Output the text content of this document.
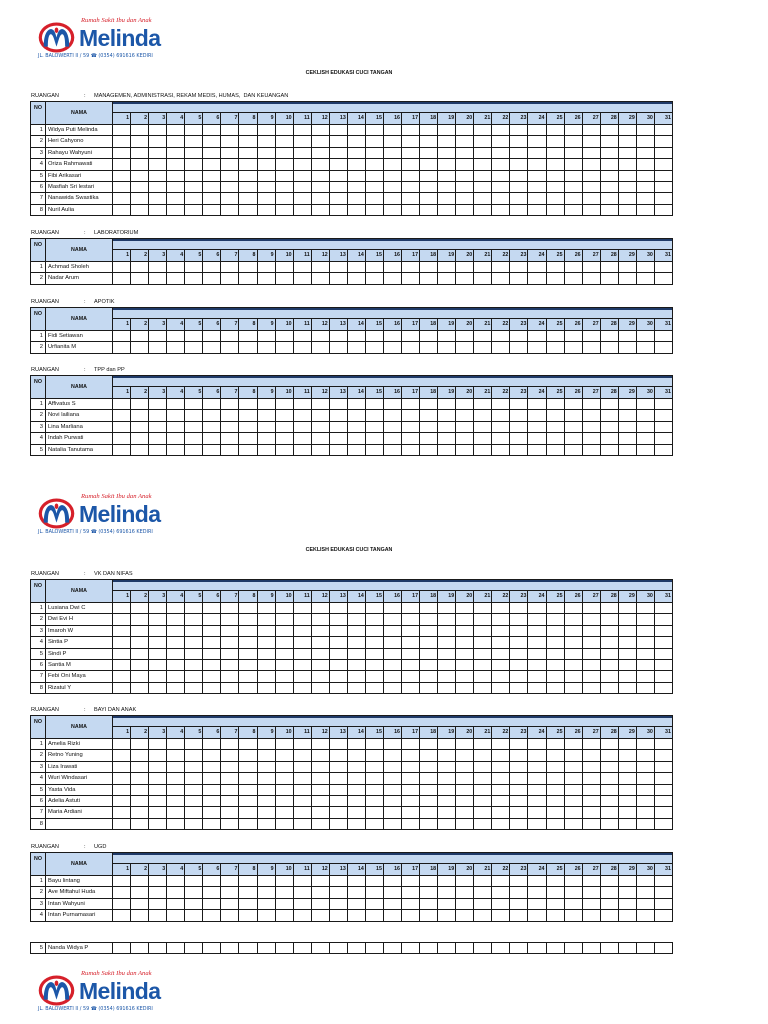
Rumah Sakit Ibu dan Anak
Melinda
JL. BALOWERTI II / 59 ☎ (0354) 691616 KEDIRI
CEKLISH EDUKASI CUCI TANGAN
RUANGAN	: MANAGEMEN, ADMINISTRASI, REKAM MEDIS, HUMAS,  DAN KEUANGAN
NO
NAMA
1	2	3	4	5	6	7	8	9	10	11	12	13	14	15	16	17	18	19	20	21	22	23	24	25	26	27	28	29	30	31
1 Widya Puti Melinda
2 Heri Cahyono
3 Rahayu Wahyuni
4 Oriza Rahmawati
5 Fibi Arikasari
6 Masfiah Sri lestari
7 Nanawida Swastika
8 Nuril Aulia
RUANGAN	: LABORATORIUM
NO
NAMA
1	2	3	4	5	6	7	8	9	10	11	12	13	14	15	16	17	18	19	20	21	22	23	24	25	26	27	28	29	30	31
1 Achmad Sholeh
2 Nadar Arum
RUANGAN	: APOTIK
NO
NAMA
1	2	3	4	5	6	7	8	9	10	11	12	13	14	15	16	17	18	19	20	21	22	23	24	25	26	27	28	29	30	31
1 Fidi Setiawan
2 Urfianita M
RUANGAN	: TPP dan PP
NO
NAMA
1	2	3	4	5	6	7	8	9	10	11	12	13	14	15	16	17	18	19	20	21	22	23	24	25	26	27	28	29	30	31
1 Affivatus S
2 Novi lailiana
3 Lina Marliana
4 Indah Purwati
5 Natalia Tanutama
Rumah Sakit Ibu dan Anak
Melinda
JL. BALOWERTI II / 59 ☎ (0354) 691616 KEDIRI
CEKLISH EDUKASI CUCI TANGAN
RUANGAN	: VK DAN NIFAS
NO
NAMA
1	2	3	4	5	6	7	8	9	10	11	12	13	14	15	16	17	18	19	20	21	22	23	24	25	26	27	28	29	30	31
1 Lusiana Dwi C
2 Dwi Evi H
3 Imaroh W
4 Sintia P
5 Sindi P
6 Santia M
7 Febi Oni Maya
8 Rizatul Y
RUANGAN	: BAYI DAN ANAK
NO
NAMA
1	2	3	4	5	6	7	8	9	10	11	12	13	14	15	16	17	18	19	20	21	22	23	24	25	26	27	28	29	30	31
1 Amelia Rizki
2 Retno Yuning
3 Liza Irawati
4 Wuri Windasari
5 Yasta Vida
6 Adelia Astuti
7 Maria Ardiani
8
RUANGAN	: UGD
NO
NAMA
1	2	3	4	5	6	7	8	9	10	11	12	13	14	15	16	17	18	19	20	21	22	23	24	25	26	27	28	29	30	31
1 Bayu lintang
2 Ave Miftahul Huda
3 Intan Wahyuni
4 Intan Purnamasari
5 Nanda Widya P
Rumah Sakit Ibu dan Anak
Melinda
JL. BALOWERTI II / 59 ☎ (0354) 691616 KEDIRI
